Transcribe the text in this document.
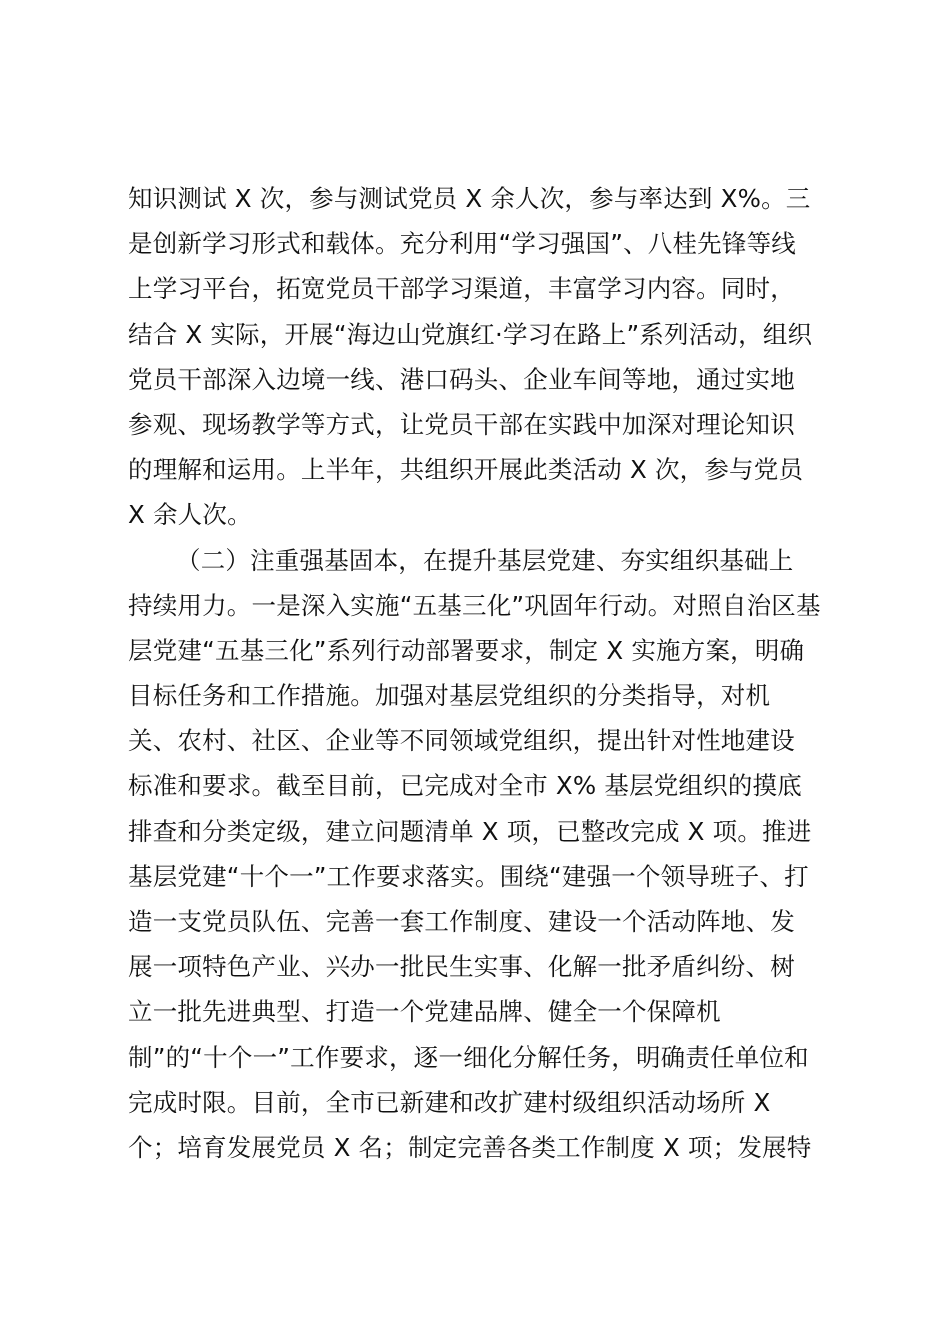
知识测试 X 次，参与测试党员 X 余人次，参与率达到 X%。三
是创新学习形式和载体。充分利用“学习强国”、八桂先锋等线
上学习平台，拓宽党员干部学习渠道，丰富学习内容。同时，
结合 X 实际，开展“海边山党旗红·学习在路上”系列活动，组织
党员干部深入边境一线、港口码头、企业车间等地，通过实地
参观、现场教学等方式，让党员干部在实践中加深对理论知识
的理解和运用。上半年，共组织开展此类活动 X 次，参与党员
X 余人次。
（二）注重强基固本，在提升基层党建、夯实组织基础上
持续用力。一是深入实施“五基三化”巩固年行动。对照自治区基
层党建“五基三化”系列行动部署要求，制定 X 实施方案，明确
目标任务和工作措施。加强对基层党组织的分类指导，对机
关、农村、社区、企业等不同领域党组织，提出针对性地建设
标准和要求。截至目前，已完成对全市 X% 基层党组织的摸底
排查和分类定级，建立问题清单 X 项，已整改完成 X 项。推进
基层党建“十个一”工作要求落实。围绕“建强一个领导班子、打
造一支党员队伍、完善一套工作制度、建设一个活动阵地、发
展一项特色产业、兴办一批民生实事、化解一批矛盾纠纷、树
立一批先进典型、打造一个党建品牌、健全一个保障机
制”的“十个一”工作要求，逐一细化分解任务，明确责任单位和
完成时限。目前，全市已新建和改扩建村级组织活动场所 X
个；培育发展党员 X 名；制定完善各类工作制度 X 项；发展特
